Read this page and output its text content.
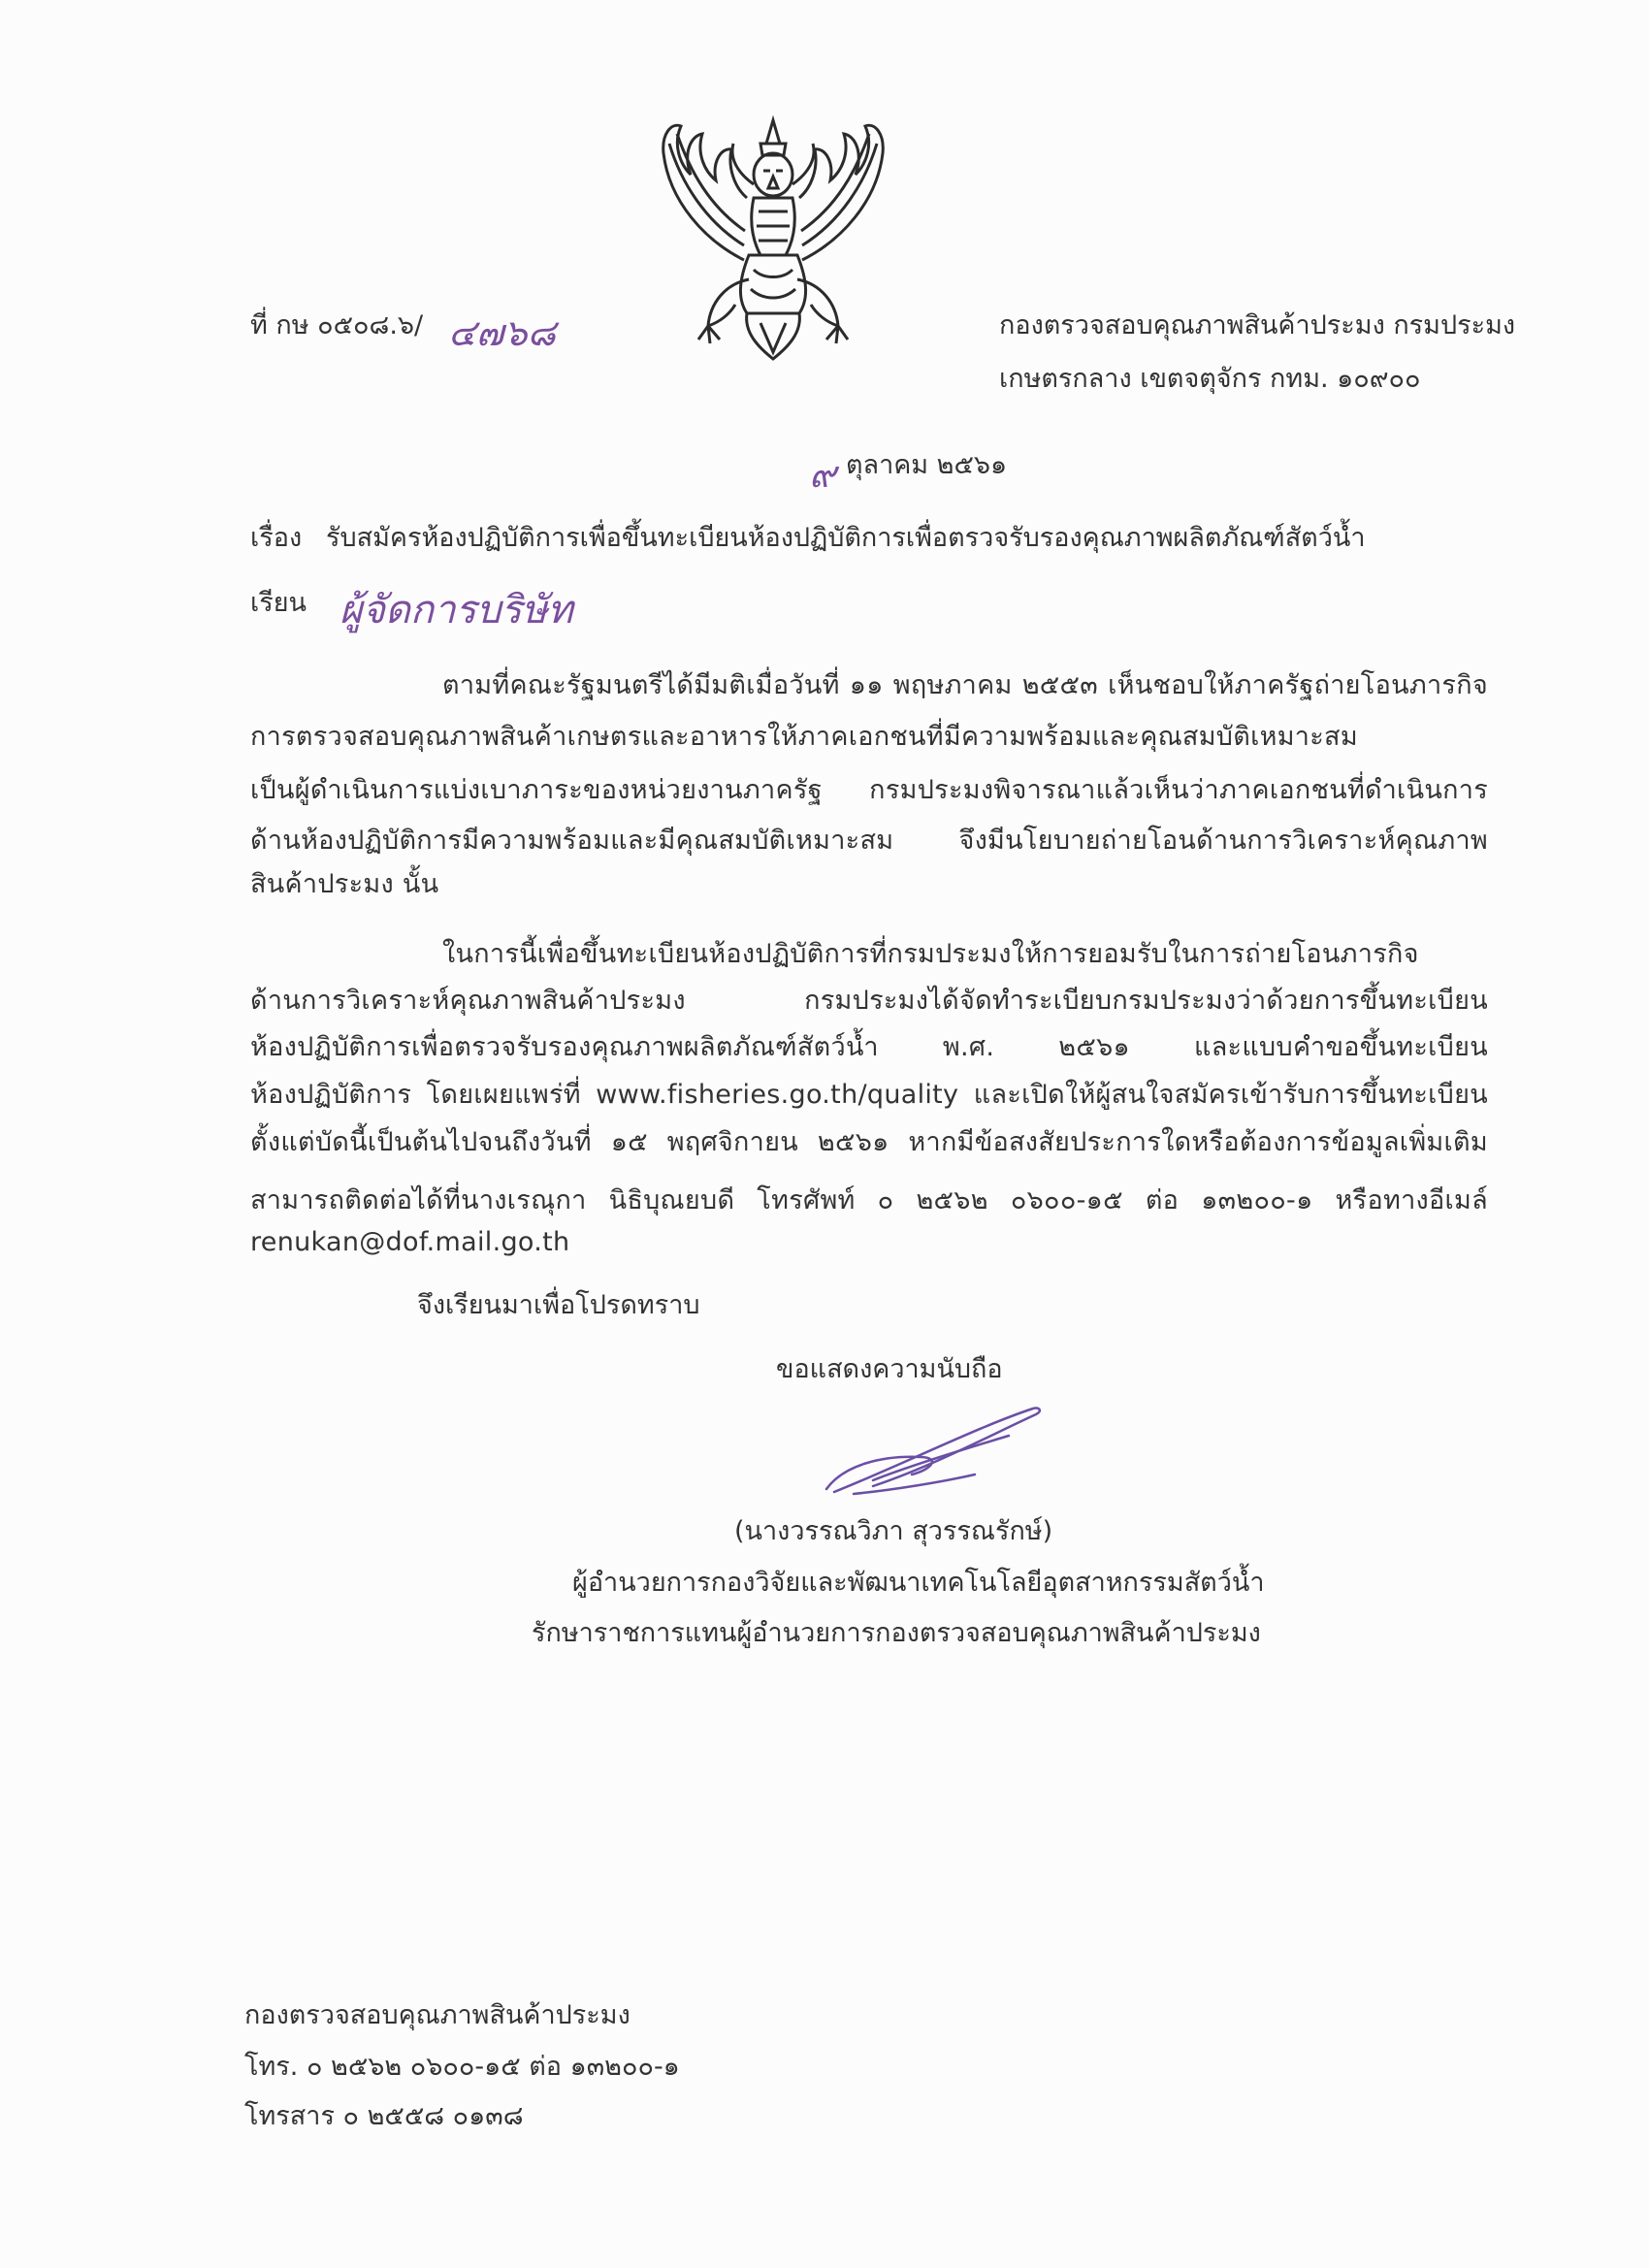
ที่ กษ ๐๕๐๘.๖/ ๔๗๖๘	กองตรวจสอบคุณภาพสินค้าประมง กรมประมง
เกษตรกลาง เขตจตุจักร กทม. ๑๐๙๐๐
๙ ตุลาคม ๒๕๖๑
เรื่อง รับสมัครห้องปฏิบัติการเพื่อขึ้นทะเบียนห้องปฏิบัติการเพื่อตรวจรับรองคุณภาพผลิตภัณฑ์สัตว์น้ำ
เรียน ผู้จัดการบริษัท
ตามที่คณะรัฐมนตรีได้มีมติเมื่อวันที่ ๑๑ พฤษภาคม ๒๕๕๓ เห็นชอบให้ภาครัฐถ่ายโอนภารกิจ
การตรวจสอบคุณภาพสินค้าเกษตรและอาหารให้ภาคเอกชนที่มีความพร้อมและคุณสมบัติเหมาะสม
เป็นผู้ดำเนินการแบ่งเบาภาระของหน่วยงานภาครัฐ กรมประมงพิจารณาแล้วเห็นว่าภาคเอกชนที่ดำเนินการ
ด้านห้องปฏิบัติการมีความพร้อมและมีคุณสมบัติเหมาะสม จึงมีนโยบายถ่ายโอนด้านการวิเคราะห์คุณภาพ
สินค้าประมง นั้น
ในการนี้เพื่อขึ้นทะเบียนห้องปฏิบัติการที่กรมประมงให้การยอมรับในการถ่ายโอนภารกิจ
ด้านการวิเคราะห์คุณภาพสินค้าประมง กรมประมงได้จัดทำระเบียบกรมประมงว่าด้วยการขึ้นทะเบียน
ห้องปฏิบัติการเพื่อตรวจรับรองคุณภาพผลิตภัณฑ์สัตว์น้ำ พ.ศ. ๒๕๖๑ และแบบคำขอขึ้นทะเบียน
ห้องปฏิบัติการ โดยเผยแพร่ที่ www.fisheries.go.th/quality และเปิดให้ผู้สนใจสมัครเข้ารับการขึ้นทะเบียน
ตั้งแต่บัดนี้เป็นต้นไปจนถึงวันที่ ๑๕ พฤศจิกายน ๒๕๖๑ หากมีข้อสงสัยประการใดหรือต้องการข้อมูลเพิ่มเติม
สามารถติดต่อได้ที่นางเรณุกา นิธิบุณยบดี โทรศัพท์ ๐ ๒๕๖๒ ๐๖๐๐-๑๕ ต่อ ๑๓๒๐๐-๑ หรือทางอีเมล์
renukan@dof.mail.go.th
จึงเรียนมาเพื่อโปรดทราบ
ขอแสดงความนับถือ
(นางวรรณวิภา สุวรรณรักษ์)
ผู้อำนวยการกองวิจัยและพัฒนาเทคโนโลยีอุตสาหกรรมสัตว์น้ำ
รักษาราชการแทนผู้อำนวยการกองตรวจสอบคุณภาพสินค้าประมง
กองตรวจสอบคุณภาพสินค้าประมง
โทร. ๐ ๒๕๖๒ ๐๖๐๐-๑๕ ต่อ ๑๓๒๐๐-๑
โทรสาร ๐ ๒๕๕๘ ๐๑๓๘
